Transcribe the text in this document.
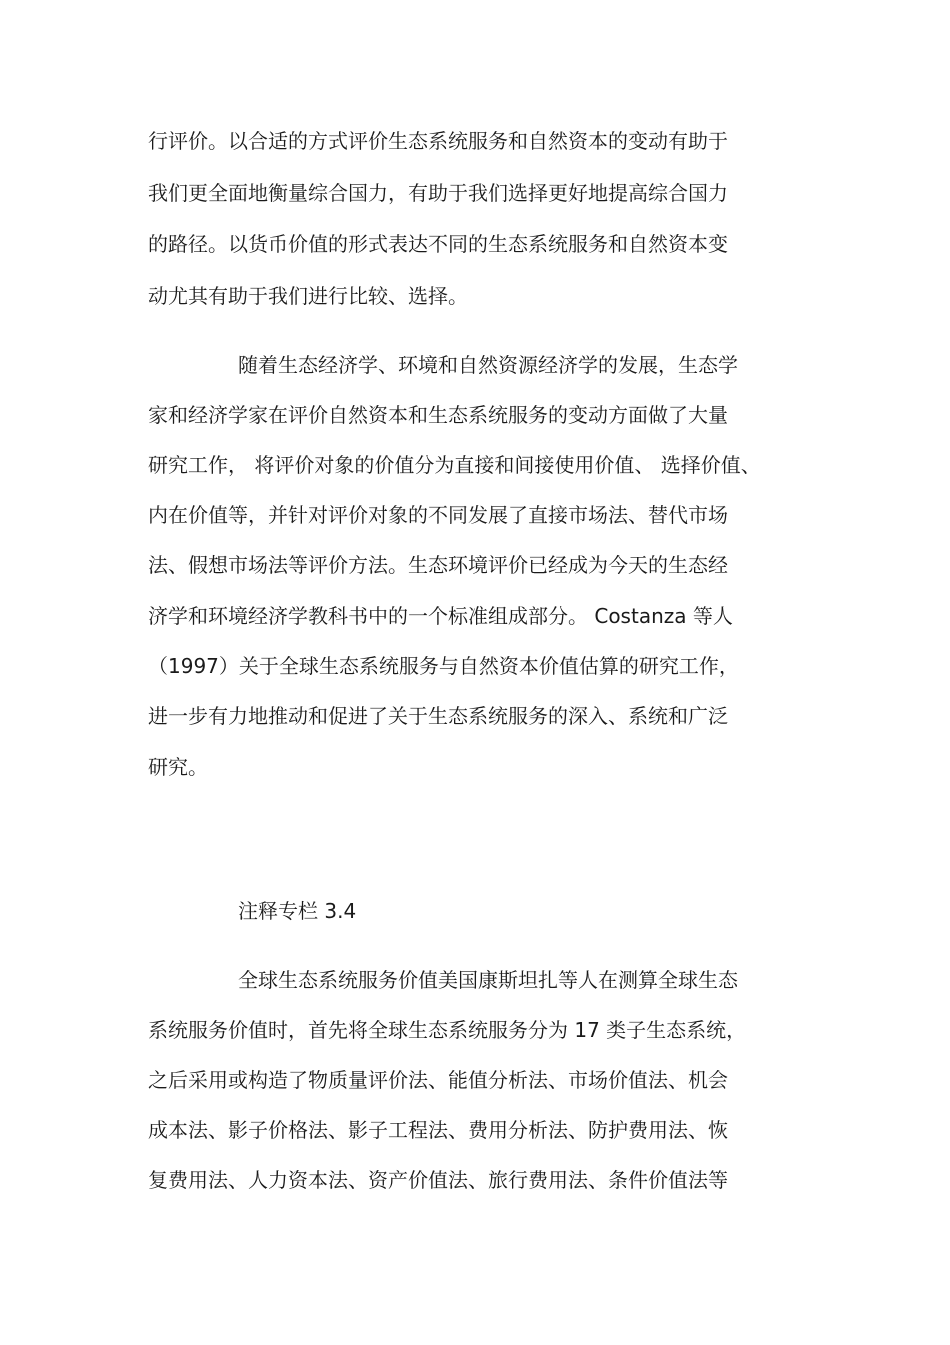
行评价。以合适的方式评价生态系统服务和自然资本的变动有助于
我们更全面地衡量综合国力，有助于我们选择更好地提高综合国力
的路径。以货币价值的形式表达不同的生态系统服务和自然资本变
动尤其有助于我们进行比较、选择。
随着生态经济学、环境和自然资源经济学的发展，生态学
家和经济学家在评价自然资本和生态系统服务的变动方面做了大量
研究工作， 将评价对象的价值分为直接和间接使用价值、 选择价值、
内在价值等，并针对评价对象的不同发展了直接市场法、替代市场
法、假想市场法等评价方法。生态环境评价已经成为今天的生态经
济学和环境经济学教科书中的一个标准组成部分。 Costanza 等人
（1997）关于全球生态系统服务与自然资本价值估算的研究工作，
进一步有力地推动和促进了关于生态系统服务的深入、系统和广泛
研究。
注释专栏 3.4
全球生态系统服务价值美国康斯坦扎等人在测算全球生态
系统服务价值时，首先将全球生态系统服务分为 17 类子生态系统，
之后采用或构造了物质量评价法、能值分析法、市场价值法、机会
成本法、影子价格法、影子工程法、费用分析法、防护费用法、恢
复费用法、人力资本法、资产价值法、旅行费用法、条件价值法等
